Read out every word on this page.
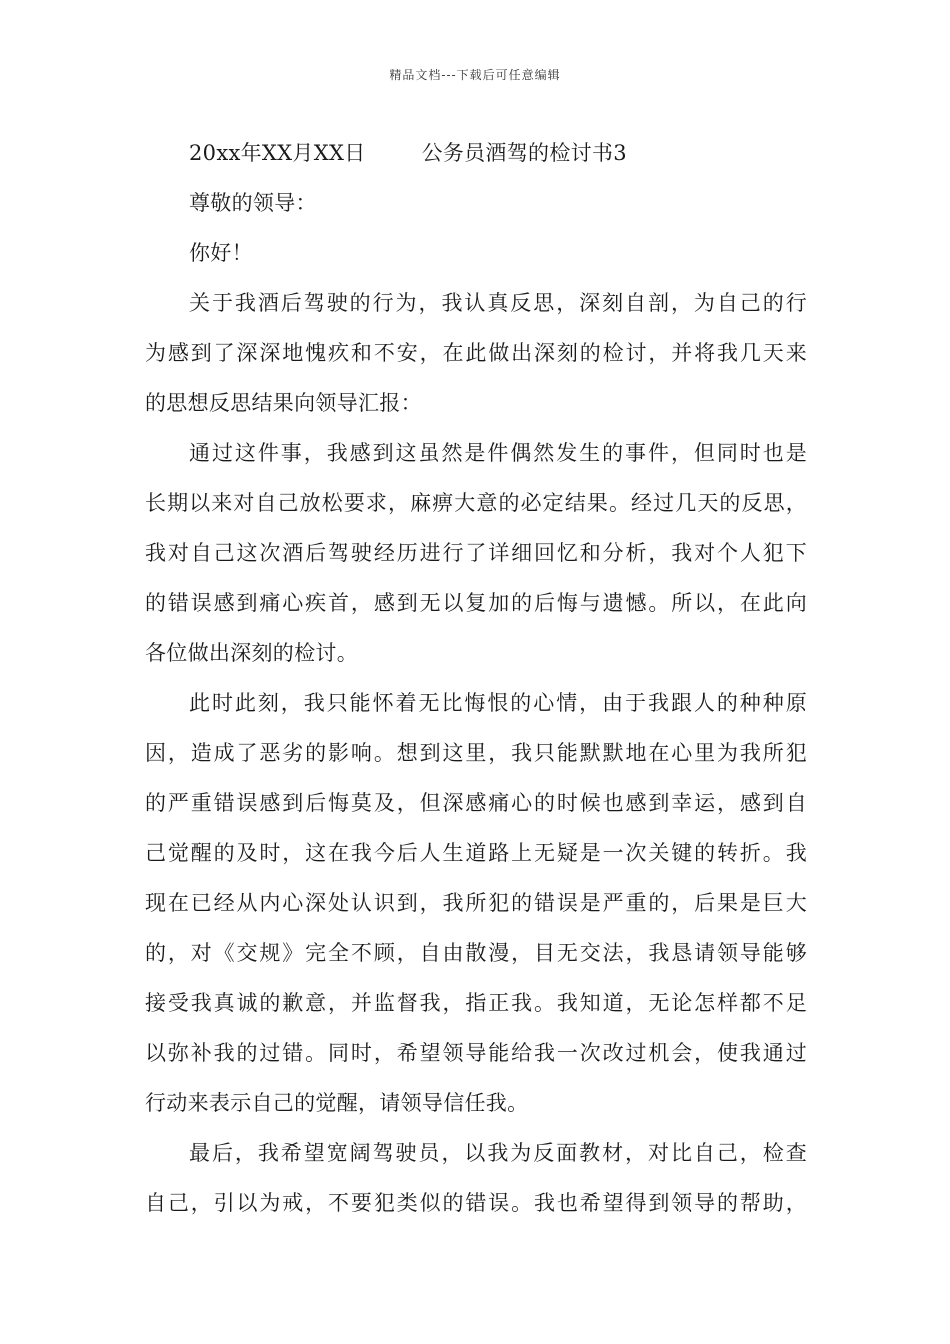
精品文档---下载后可任意编辑
20xx年XX月XX日	公务员酒驾的检讨书3
尊敬的领导：
你好！
关于我酒后驾驶的行为，我认真反思，深刻自剖，为自己的行
为感到了深深地愧疚和不安，在此做出深刻的检讨，并将我几天来
的思想反思结果向领导汇报：
通过这件事，我感到这虽然是件偶然发生的事件，但同时也是
长期以来对自己放松要求，麻痹大意的必定结果。经过几天的反思，
我对自己这次酒后驾驶经历进行了详细回忆和分析，我对个人犯下
的错误感到痛心疾首，感到无以复加的后悔与遗憾。所以，在此向
各位做出深刻的检讨。
此时此刻，我只能怀着无比悔恨的心情，由于我跟人的种种原
因，造成了恶劣的影响。想到这里，我只能默默地在心里为我所犯
的严重错误感到后悔莫及，但深感痛心的时候也感到幸运，感到自
己觉醒的及时，这在我今后人生道路上无疑是一次关键的转折。我
现在已经从内心深处认识到，我所犯的错误是严重的，后果是巨大
的，对《交规》完全不顾，自由散漫，目无交法，我恳请领导能够
接受我真诚的歉意，并监督我，指正我。我知道，无论怎样都不足
以弥补我的过错。同时，希望领导能给我一次改过机会，使我通过
行动来表示自己的觉醒，请领导信任我。
最后，我希望宽阔驾驶员，以我为反面教材，对比自己，检查
自己，引以为戒，不要犯类似的错误。我也希望得到领导的帮助，
